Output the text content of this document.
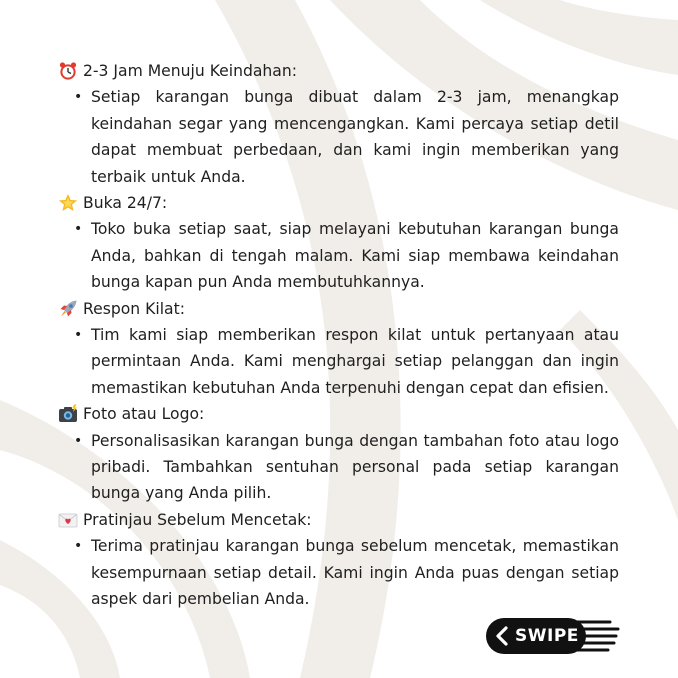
2-3 Jam Menuju Keindahan:
• Setiap karangan bunga dibuat dalam 2-3 jam, menangkap keindahan segar yang mencengangkan. Kami percaya setiap detil dapat membuat perbedaan, dan kami ingin memberikan yang terbaik untuk Anda.
Buka 24/7:
• Toko buka setiap saat, siap melayani kebutuhan karangan bunga Anda, bahkan di tengah malam. Kami siap membawa keindahan bunga kapan pun Anda membutuhkannya.
Respon Kilat:
• Tim kami siap memberikan respon kilat untuk pertanyaan atau permintaan Anda. Kami menghargai setiap pelanggan dan ingin memastikan kebutuhan Anda terpenuhi dengan cepat dan efisien.
Foto atau Logo:
• Personalisasikan karangan bunga dengan tambahan foto atau logo pribadi. Tambahkan sentuhan personal pada setiap karangan bunga yang Anda pilih.
Pratinjau Sebelum Mencetak:
• Terima pratinjau karangan bunga sebelum mencetak, memastikan kesempurnaan setiap detail. Kami ingin Anda puas dengan setiap aspek dari pembelian Anda.
SWIPE
